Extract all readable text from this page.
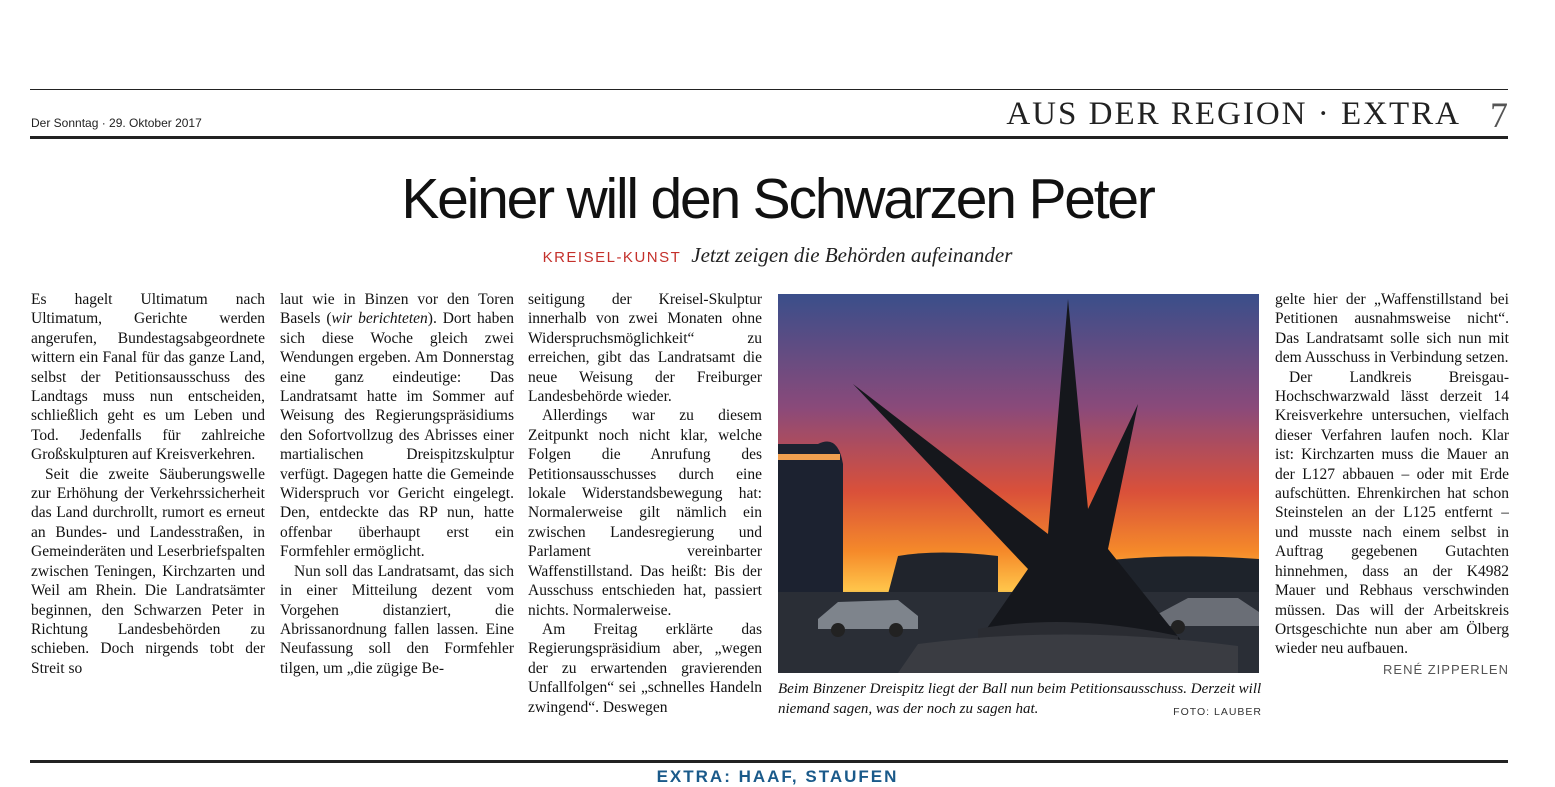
Der Sonntag · 29. Oktober 2017	AUS DER REGION · EXTRA 7
Keiner will den Schwarzen Peter
KREISEL-KUNST Jetzt zeigen die Behörden aufeinander

Es hagelt Ultimatum nach Ultimatum, Gerichte werden angerufen, Bundestagsabgeordnete wittern ein Fanal für das ganze Land, selbst der Petitionsausschuss des Landtags muss nun entscheiden, schließlich geht es um Leben und Tod. Jedenfalls für zahlreiche Großskulpturen auf Kreisverkehren.

Seit die zweite Säuberungswelle zur Erhöhung der Verkehrssicherheit das Land durchrollt, rumort es erneut an Bundes- und Landesstraßen, in Gemeinderäten und Leserbriefspalten zwischen Teningen, Kirchzarten und Weil am Rhein. Die Landratsämter beginnen, den Schwarzen Peter in Richtung Landesbehörden zu schieben. Doch nirgends tobt der Streit so

laut wie in Binzen vor den Toren Basels (wir berichteten). Dort haben sich diese Woche gleich zwei Wendungen ergeben. Am Donnerstag eine ganz eindeutige: Das Landratsamt hatte im Sommer auf Weisung des Regierungspräsidiums den Sofortvollzug des Abrisses einer martialischen Dreispitzskulptur verfügt. Dagegen hatte die Gemeinde Widerspruch vor Gericht eingelegt. Den, entdeckte das RP nun, hatte offenbar überhaupt erst ein Formfehler ermöglicht.

Nun soll das Landratsamt, das sich in einer Mitteilung dezent vom Vorgehen distanziert, die Abrissanordnung fallen lassen. Eine Neufassung soll den Formfehler tilgen, um „die zügige Be-

seitigung der Kreisel-Skulptur innerhalb von zwei Monaten ohne Widerspruchsmöglichkeit“ zu erreichen, gibt das Landratsamt die neue Weisung der Freiburger Landesbehörde wieder.

Allerdings war zu diesem Zeitpunkt noch nicht klar, welche Folgen die Anrufung des Petitionsausschusses durch eine lokale Widerstandsbewegung hat: Normalerweise gilt nämlich ein zwischen Landesregierung und Parlament vereinbarter Waffenstillstand. Das heißt: Bis der Ausschuss entschieden hat, passiert nichts. Normalerweise.

Am Freitag erklärte das Regierungspräsidium aber, „wegen der zu erwartenden gravierenden Unfallfolgen“ sei „schnelles Handeln zwingend“. Deswegen

Beim Binzener Dreispitz liegt der Ball nun beim Petitionsausschuss. Derzeit will niemand sagen, was der noch zu sagen hat.	FOTO: LAUBER

gelte hier der „Waffenstillstand bei Petitionen ausnahmsweise nicht“. Das Landratsamt solle sich nun mit dem Ausschuss in Verbindung setzen.

Der Landkreis Breisgau-Hochschwarzwald lässt derzeit 14 Kreisverkehre untersuchen, vielfach dieser Verfahren laufen noch. Klar ist: Kirchzarten muss die Mauer an der L127 abbauen – oder mit Erde aufschütten. Ehrenkirchen hat schon Steinstelen an der L125 entfernt – und musste nach einem selbst in Auftrag gegebenen Gutachten hinnehmen, dass an der K4982 Mauer und Rebhaus verschwinden müssen. Das will der Arbeitskreis Ortsgeschichte nun aber am Ölberg wieder neu aufbauen.
RENÉ ZIPPERLEN

EXTRA: HAAF, STAUFEN
